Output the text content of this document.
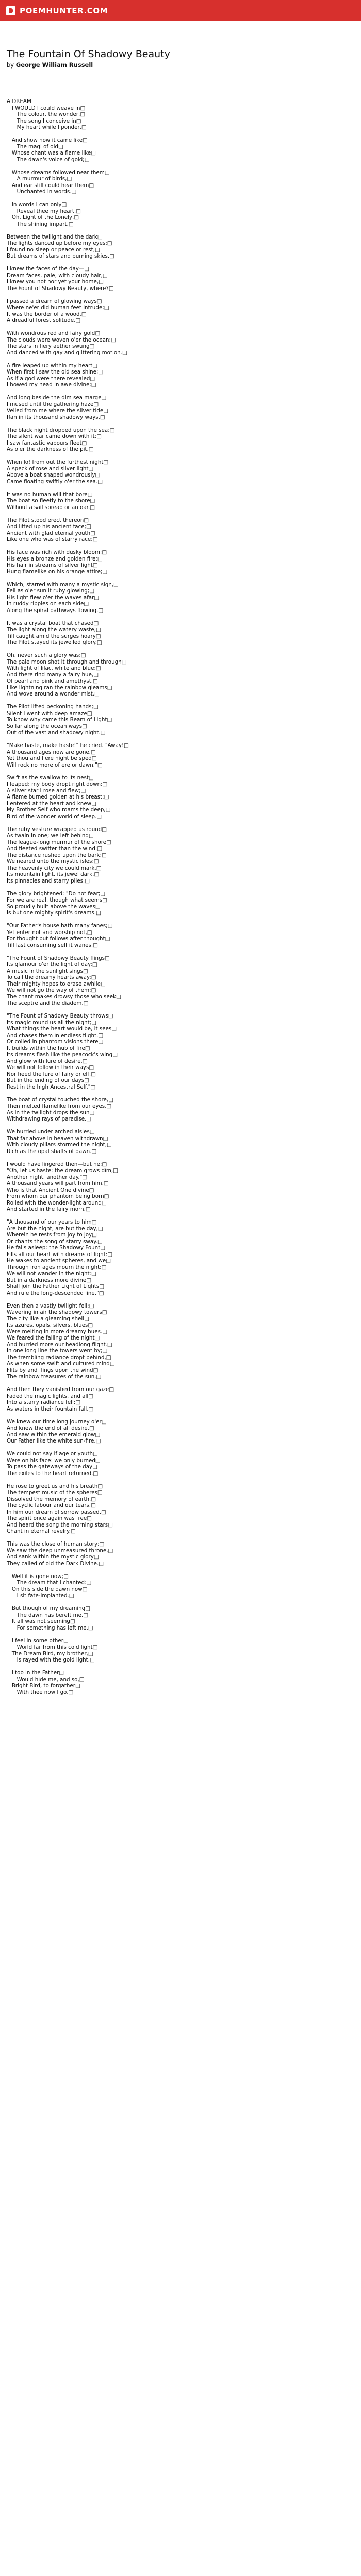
POEMHUNTER.COM
The Fountain Of Shadowy Beauty
by George William Russell
A DREAM
I WOULD I could weave in□
The colour, the wonder,□
The song I conceive in□
My heart while I ponder,□
And show how it came like□
The magi of old□
Whose chant was a flame like□
The dawn's voice of gold;□
Whose dreams followed near them□
A murmur of birds,□
And ear still could hear them□
Unchanted in words.□
In words I can only□
Reveal thee my heart,□
Oh, Light of the Lonely,□
The shining impart.□
Between the twilight and the dark□
The lights danced up before my eyes:□
I found no sleep or peace or rest,□
But dreams of stars and burning skies.□
I knew the faces of the day—□
Dream faces, pale, with cloudy hair,□
I knew you not nor yet your home,□
The Fount of Shadowy Beauty, where?□
I passed a dream of glowing ways□
Where ne'er did human feet intrude;□
It was the border of a wood,□
A dreadful forest solitude.□
With wondrous red and fairy gold□
The clouds were woven o'er the ocean;□
The stars in fiery aether swung□
And danced with gay and glittering motion.□
A fire leaped up within my heart□
When first I saw the old sea shine;□
As if a god were there revealed□
I bowed my head in awe divine;□
And long beside the dim sea marge□
I mused until the gathering haze□
Veiled from me where the silver tide□
Ran in its thousand shadowy ways.□
The black night dropped upon the sea;□
The silent war came down with it;□
I saw fantastic vapours fleet□
As o'er the darkness of the pit.□
When lo! from out the furthest night□
A speck of rose and silver light□
Above a boat shaped wondrously□
Came floating swiftly o'er the sea.□
It was no human will that bore□
The boat so fleetly to the shore□
Without a sail spread or an oar.□
The Pilot stood erect thereon□
And lifted up his ancient face;□
Ancient with glad eternal youth□
Like one who was of starry race;□
His face was rich with dusky bloom;□
His eyes a bronze and golden fire;□
His hair in streams of silver light□
Hung flamelike on his orange attire;□
Which, starred with many a mystic sign,□
Fell as o'er sunlit ruby glowing;□
His light flew o'er the waves afar□
In ruddy ripples on each side□
Along the spiral pathways flowing.□
It was a crystal boat that chased□
The light along the watery waste,□
Till caught amid the surges hoary□
The Pilot stayed its jewelled glory.□
Oh, never such a glory was:□
The pale moon shot it through and through□
With light of lilac, white and blue:□
And there rind many a fairy hue,□
Of pearl and pink and amethyst,□
Like lightning ran the rainbow gleams□
And wove around a wonder mist.□
The Pilot lifted beckoning hands;□
Silent I went with deep amaze□
To know why came this Beam of Light□
So far along the ocean ways□
Out of the vast and shadowy night.□
"Make haste, make haste!" he cried. "Away!□
A thousand ages now are gone.□
Yet thou and I ere night be sped□
Will rock no more of ere or dawn."□
Swift as the swallow to its nest□
I leaped: my body dropt right down:□
A silver star I rose and flew;□
A flame burned golden at his breast:□
I entered at the heart and knew□
My Brother Self who roams the deep,□
Bird of the wonder world of sleep.□
The ruby vesture wrapped us round□
As twain in one; we left behind□
The league-long murmur of the shore□
And fleeted swifter than the wind:□
The distance rushed upon the bark:□
We neared unto the mystic isles:□
The heavenly city we could mark,□
Its mountain light, its jewel dark,□
Its pinnacles and starry piles.□
The glory brightened: "Do not fear;□
For we are real, though what seems□
So proudly built above the waves□
Is but one mighty spirit's dreams.□
"Our Father's house hath many fanes;□
Yet enter not and worship not,□
For thought but follows after thought□
Till last consuming self it wanes.□
"The Fount of Shadowy Beauty flings□
Its glamour o'er the light of day:□
A music in the sunlight sings□
To call the dreamy hearts away:□
Their mighty hopes to erase awhile□
We will not go the way of them:□
The chant makes drowsy those who seek□
The sceptre and the diadem.□
"The Fount of Shadowy Beauty throws□
Its magic round us all the night;□
What things the heart would be, it sees□
And chases them in endless flight.□
Or coiled in phantom visions there□
It builds within the hub of fire□
Its dreams flash like the peacock's wing□
And glow with lure of desire.□
We will not follow in their ways□
Nor heed the lure of fairy or elf,□
But in the ending of our days□
Rest in the high Ancestral Self."□
The boat of crystal touched the shore,□
Then melted flamelike from our eyes,□
As in the twilight drops the sun□
Withdrawing rays of paradise.□
We hurried under arched aisles□
That far above in heaven withdrawn□
With cloudy pillars stormed the night,□
Rich as the opal shafts of dawn.□
I would have lingered then—but he:□
"Oh, let us haste: the dream grows dim,□
Another night, another day."□
A thousand years will part from him,□
Who is that Ancient One divine□
From whom our phantom being born□
Rolled with the wonder-light around□
And started in the fairy morn.□
"A thousand of our years to him□
Are but the night, are but the day,□
Wherein he rests from joy to joy□
Or chants the song of starry sway.□
He falls asleep: the Shadowy Fount□
Fills all our heart with dreams of light:□
He wakes to ancient spheres, and we□
Through iron ages mourn the night:□
We will not wander in the night:□
But in a darkness more divine□
Shall join the Father Light of Lights□
And rule the long-descended line."□
Even then a vastly twilight fell:□
Wavering in air the shadowy towers□
The city like a gleaming shell□
Its azures, opals, silvers, blues□
Were melting in more dreamy hues.□
We feared the falling of the night□
And hurried more our headlong flight.□
In one long line the towers went by;□
The trembling radiance dropt behind,□
As when some swift and cultured mind□
Flits by and flings upon the wind□
The rainbow treasures of the sun.□
And then they vanished from our gaze□
Faded the magic lights, and all□
Into a starry radiance fell:□
As waters in their fountain fall.□
We knew our time long journey o'er□
And knew the end of all desire,□
And saw within the emerald glow□
Our Father like the white sun-fire.□
We could not say if age or youth□
Were on his face: we only burned□
To pass the gateways of the day□
The exiles to the heart returned.□
He rose to greet us and his breath□
The tempest music of the spheres□
Dissolved the memory of earth,□
The cyclic labour and our tears.□
In him our dream of sorrow passed,□
The spirit once again was free□
And heard the song the morning stars□
Chant in eternal revelry.□
This was the close of human story;□
We saw the deep unmeasured throne,□
And sank within the mystic glory□
They called of old the Dark Divine.□
Well it is gone now;□
The dream that I chanted:□
On this side the dawn now□
I sit fate-implanted.□
But though of my dreaming□
The dawn has bereft me,□
It all was not seeming□
For something has left me.□
I feel in some other□
World far from this cold light□
The Dream Bird, my brother,□
Is rayed with the gold light.□
I too in the Father□
Would hide me, and so,□
Bright Bird, to forgather□
With thee now I go.□
